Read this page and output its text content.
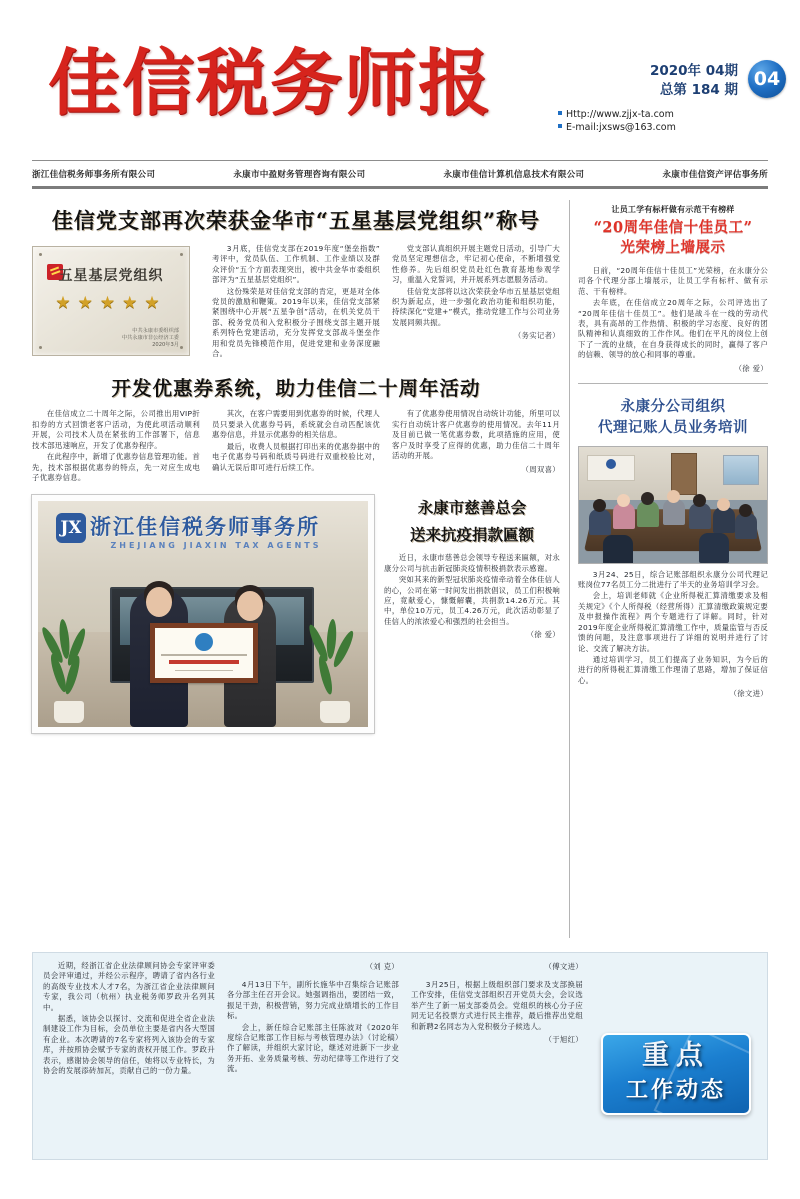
佳信税务师报	2020年 04期
总第 184 期 04
Http://www.zjjx-ta.com
E-mail:jxsws@163.com
浙江佳信税务师事务所有限公司	永康市中盈财务管理咨询有限公司	永康市佳信计算机信息技术有限公司	永康市佳信资产评估事务所
佳信党支部再次荣获金华市“五星基层党组织”称号
五星基层党组织
★★★★★
中共永康市委组织部
中共永康市非公经济工委
2020年3月

3月底，佳信党支部在2019年度“堡垒指数”考评中，党员队伍、工作机制、工作业绩以及群众评价“五个方面表现突出，被中共金华市委组织部评为“五星基层党组织”。

这份殊荣是对佳信党支部的肯定，更是对全体党员的激励和鞭策。2019年以来，佳信党支部紧紧围绕中心开展“五星争创”活动，在机关党员干部、税务党员和入党积极分子围绕支部主题开展系列特色党建活动，充分发挥党支部战斗堡垒作用和党员先锋模范作用，促进党建和业务深度融合。

党支部认真组织开展主题党日活动，引导广大党员坚定理想信念，牢记初心使命，不断增强党性修养。先后组织党员赴红色教育基地参观学习，重温入党誓词，并开展系列志愿服务活动。

佳信党支部将以这次荣获金华市五星基层党组织为新起点，进一步强化政治功能和组织功能，持续深化“党建+”模式，推动党建工作与公司业务发展同频共振。

（务实记者）

开发优惠券系统，助力佳信二十周年活动

在佳信成立二十周年之际，公司推出用VIP折扣券的方式回馈老客户活动，为使此项活动顺利开展，公司技术人员在紧张的工作部署下，信息技术部迅速响应，开发了优惠券程序。

在此程序中，新增了优惠券信息管理功能。首先，技术部根据优惠券的特点，先一对应生成电子优惠券信息。

其次，在客户需要用到优惠券的时候，代理人员只要录入优惠券号码，系统就会自动匹配该优惠券信息，并显示优惠券的相关信息。

最后，收费人员根据打印出来的优惠券据中的电子优惠券号码和纸质号码进行双重校验比对，确认无误后即可进行后续工作。

有了优惠券使用情况自动统计功能，所里可以实行自动统计客户优惠券的使用情况。去年11月及目前已做一笔优惠券数，此项措施的应用，使客户及时享受了应得的优惠，助力佳信二十周年活动的开展。

（周双喜）

JX 浙江佳信税务师事务所
ZHEJIANG JIAXIN TAX AGENTS
永康市慈善总会
送来抗疫捐款匾额

近日，永康市慈善总会领导专程送来匾额，对永康分公司与抗击新冠肺炎疫情积极捐款表示感谢。

突如其来的新型冠状肺炎疫情牵动着全体佳信人的心，公司在第一时间发出捐款倡议，员工们积极响应，竟献爱心，慷慨解囊，共捐款14.26万元。其中，单位10万元，员工4.26万元，此次活动彰显了佳信人的浓浓爱心和强烈的社会担当。

（徐 爱）

让员工学有标杆做有示范干有榜样
“20周年佳信十佳员工”
光荣榜上墙展示

日前，“20周年佳信十佳员工”光荣榜，在永康分公司各个代理分部上墙展示，让员工学有标杆、做有示范、干有榜样。

去年底，在佳信成立20周年之际，公司评选出了“20周年佳信十佳员工”。他们是战斗在一线的劳动代表，具有高昂的工作热情、积极的学习态度、良好的团队精神和认真细致的工作作风。他们在平凡的岗位上创下了一流的业绩，在自身获得成长的同时，赢得了客户的信赖、领导的放心和同事的尊重。

（徐 爱）

永康分公司组织
代理记账人员业务培训

3月24、25日，综合记账部组织永康分公司代理记账岗位77名员工分二批进行了半天的业务培训学习会。

会上，培训老师就《企业所得税汇算清缴要求及相关规定》《个人所得税（经营所得）汇算清缴政策规定要及申报操作流程》两个专题进行了详解。同时，针对2019年度企业所得税汇算清缴工作中，质量监管与否反馈的问题，及注意事项进行了详细的说明并进行了讨论、交流了解决方法。

通过培训学习，员工们提高了业务知识，为今后的进行的所得税汇算清缴工作理清了思路，增加了保证信心。

（徐文进）

近期，经浙江省企业法律顾问协会专家评审委员会评审通过，并经公示程序，聘请了省内各行业的高级专业技术人才7名，为浙江省企业法律顾问专家，我公司（杭州）执业税务师罗政升名列其中。

据悉，该协会以探讨、交流和促进全省企业法制建设工作为目标，会员单位主要是省内各大型国有企业。本次聘请的7名专家将列入该协会的专家库，并按照协会赋予专家的责权开展工作。罗政升表示，感谢协会领导的信任，她将以专业特长，为协会的发展添砖加瓦，贡献自己的一份力量。

（刘 克）

4月13日下午，副所长施华中召集综合记账部各分部主任召开会议。她强调指出，要团结一致，振足干劲，积极营销，努力完成业绩增长的工作目标。

会上，新任综合记账部主任陈波对《2020年度综合记账部工作目标与考核管理办法》（讨论稿）作了解读，并组织大家讨论，继述对进新下一步业务开拓、业务质量考核、劳动纪律等工作进行了交流。

（傅文进）

3月25日，根据上级组织部门要求及支部换届工作安排，佳信党支部组织召开党员大会，会议选举产生了新一届支部委员会。党组织的核心分子应同无记名投票方式进行民主推荐，最后推荐出党组和新聘2名同志为入党积极分子候选人。

（于旭红）

重点
工作动态
